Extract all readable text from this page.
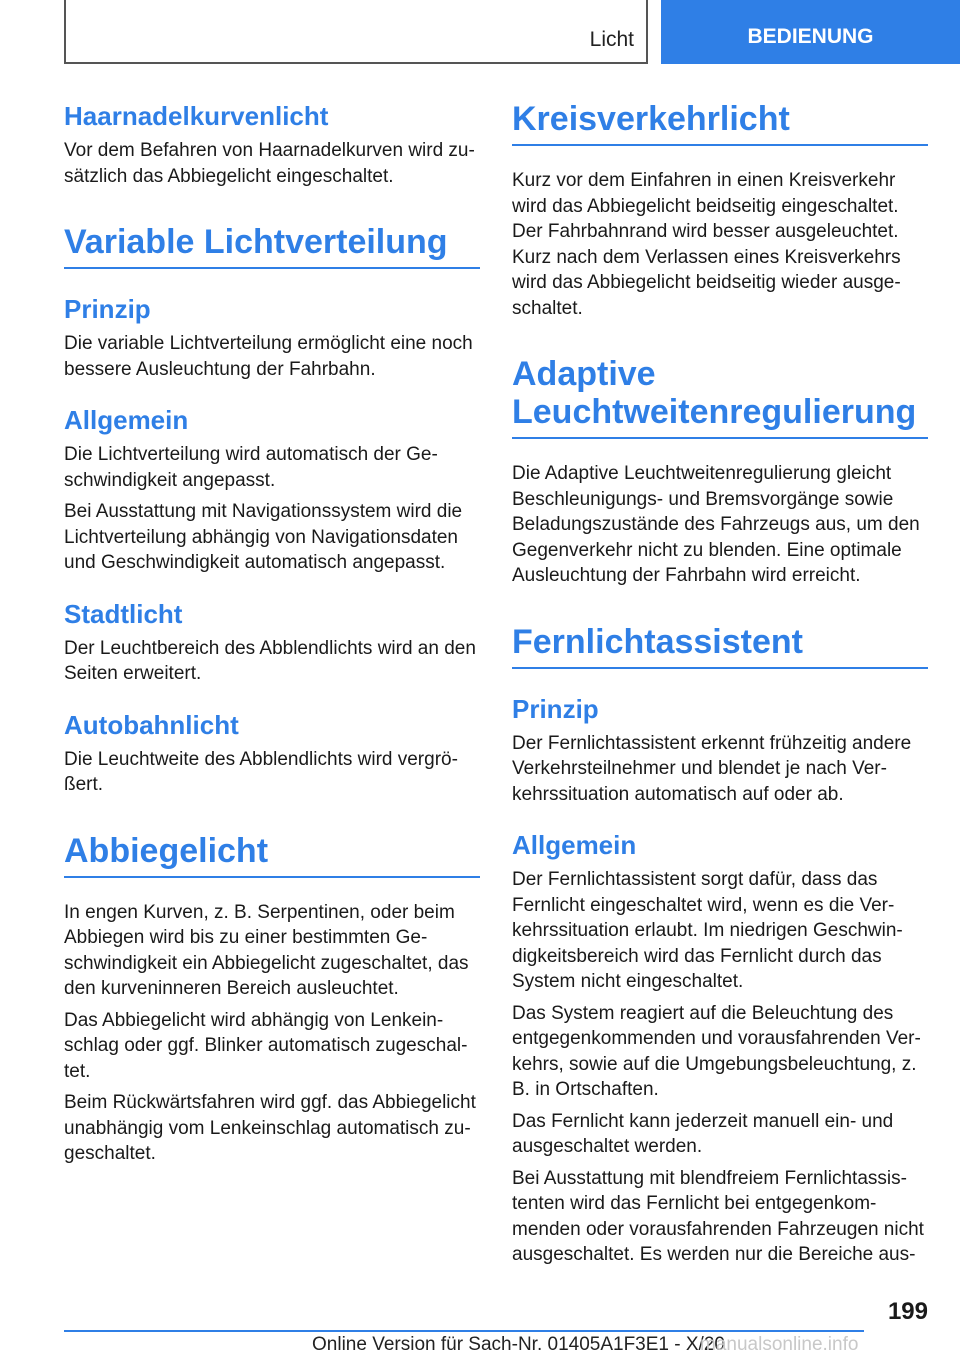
Licht	BEDIENUNG
Haarnadelkurvenlicht

Vor dem Befahren von Haarnadelkurven wird zusätzlich das Abbiegelicht eingeschaltet.

Variable Lichtverteilung
Prinzip

Die variable Lichtverteilung ermöglicht eine noch bessere Ausleuchtung der Fahrbahn.

Allgemein

Die Lichtverteilung wird automatisch der Geschwindigkeit angepasst.

Bei Ausstattung mit Navigationssystem wird die Lichtverteilung abhängig von Navigationsdaten und Geschwindigkeit automatisch angepasst.

Stadtlicht

Der Leuchtbereich des Abblendlichts wird an den Seiten erweitert.

Autobahnlicht

Die Leuchtweite des Abblendlichts wird vergrößert.

Abbiegelicht

In engen Kurven, z. B. Serpentinen, oder beim Abbiegen wird bis zu einer bestimmten Geschwindigkeit ein Abbiegelicht zugeschaltet, das den kurveninneren Bereich ausleuchtet.

Das Abbiegelicht wird abhängig von Lenkeinschlag oder ggf. Blinker automatisch zugeschaltet.

Beim Rückwärtsfahren wird ggf. das Abbiegelicht unabhängig vom Lenkeinschlag automatisch zugeschaltet.

Kreisverkehrlicht

Kurz vor dem Einfahren in einen Kreisverkehr wird das Abbiegelicht beidseitig eingeschaltet. Der Fahrbahnrand wird besser ausgeleuchtet. Kurz nach dem Verlassen eines Kreisverkehrs wird das Abbiegelicht beidseitig wieder ausgeschaltet.

Adaptive Leuchtweitenregulierung

Die Adaptive Leuchtweitenregulierung gleicht Beschleunigungs- und Bremsvorgänge sowie Beladungszustände des Fahrzeugs aus, um den Gegenverkehr nicht zu blenden. Eine optimale Ausleuchtung der Fahrbahn wird erreicht.

Fernlichtassistent
Prinzip

Der Fernlichtassistent erkennt frühzeitig andere Verkehrsteilnehmer und blendet je nach Verkehrssituation automatisch auf oder ab.

Allgemein

Der Fernlichtassistent sorgt dafür, dass das Fernlicht eingeschaltet wird, wenn es die Verkehrssituation erlaubt. Im niedrigen Geschwindigkeitsbereich wird das Fernlicht durch das System nicht eingeschaltet.

Das System reagiert auf die Beleuchtung des entgegenkommenden und vorausfahrenden Verkehrs, sowie auf die Umgebungsbeleuchtung, z. B. in Ortschaften.

Das Fernlicht kann jederzeit manuell ein- und ausgeschaltet werden.

Bei Ausstattung mit blendfreiem Fernlichtassistenten wird das Fernlicht bei entgegenkommenden oder vorausfahrenden Fahrzeugen nicht ausgeschaltet. Es werden nur die Bereiche aus-

199
Online Version für Sach-Nr. 01405A1F3E1 - X/20
manualsonline.info
